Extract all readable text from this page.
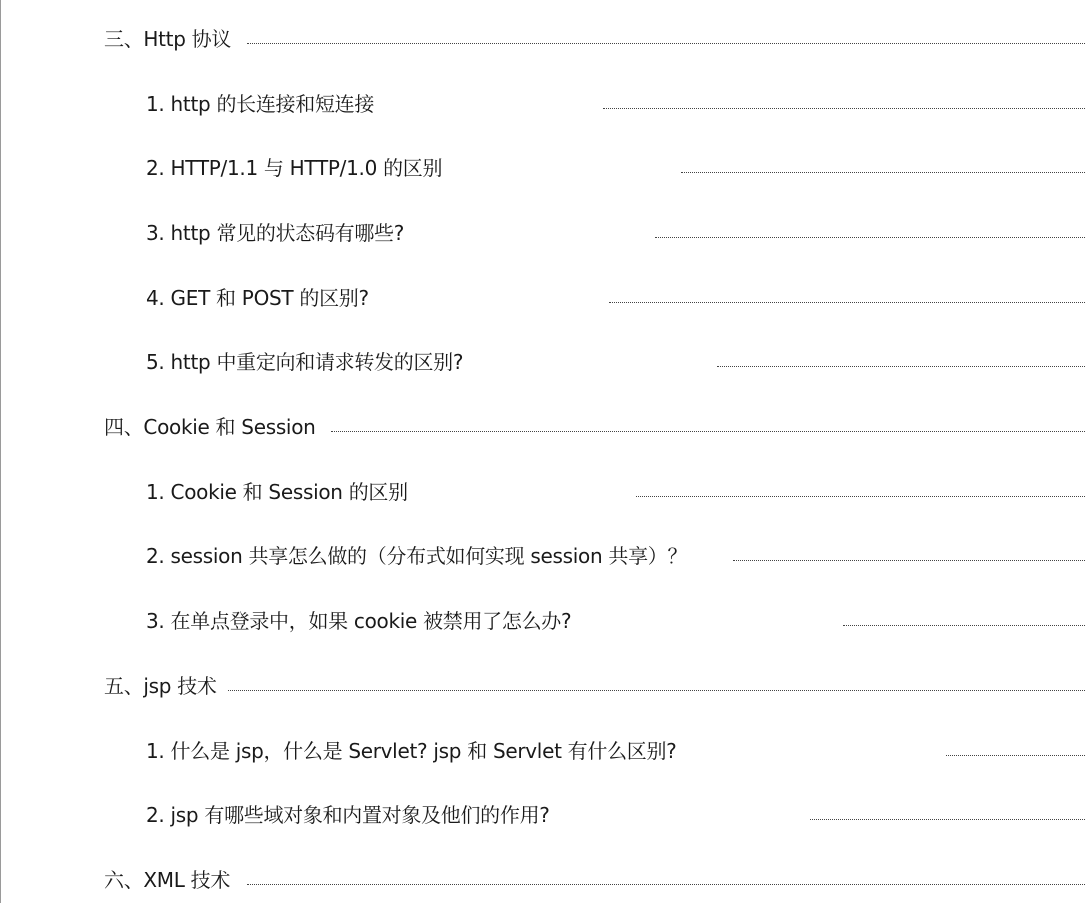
三、Http 协议
1. http 的长连接和短连接
2. HTTP/1.1 与 HTTP/1.0 的区别
3. http 常见的状态码有哪些?
4. GET 和 POST 的区别?
5. http 中重定向和请求转发的区别?
四、Cookie 和 Session
1. Cookie 和 Session 的区别
2. session 共享怎么做的（分布式如何实现 session 共享）？
3. 在单点登录中，如果 cookie 被禁用了怎么办?
五、jsp 技术
1. 什么是 jsp，什么是 Servlet? jsp 和 Servlet 有什么区别?
2. jsp 有哪些域对象和内置对象及他们的作用?
六、XML 技术
